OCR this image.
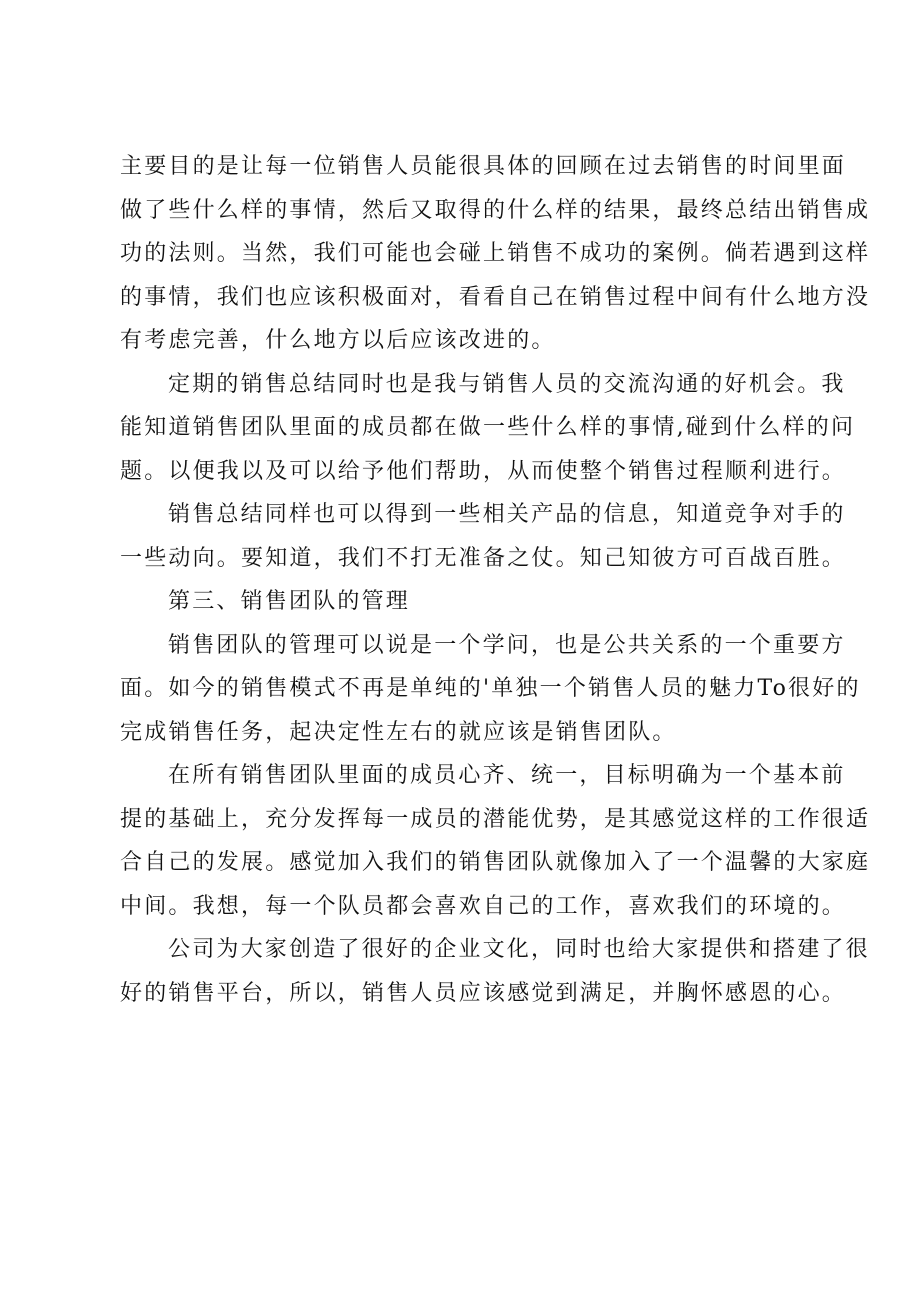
主要目的是让每一位销售人员能很具体的回顾在过去销售的时间里面
做了些什么样的事情，然后又取得的什么样的结果，最终总结出销售成
功的法则。当然，我们可能也会碰上销售不成功的案例。倘若遇到这样
的事情，我们也应该积极面对，看看自己在销售过程中间有什么地方没
有考虑完善，什么地方以后应该改进的。
定期的销售总结同时也是我与销售人员的交流沟通的好机会。我
能知道销售团队里面的成员都在做一些什么样的事情,碰到什么样的问
题。以便我以及可以给予他们帮助，从而使整个销售过程顺利进行。
销售总结同样也可以得到一些相关产品的信息，知道竞争对手的
一些动向。要知道，我们不打无准备之仗。知己知彼方可百战百胜。
第三、销售团队的管理
销售团队的管理可以说是一个学问，也是公共关系的一个重要方
面。如今的销售模式不再是单纯的'单独一个销售人员的魅力To很好的
完成销售任务，起决定性左右的就应该是销售团队。
在所有销售团队里面的成员心齐、统一，目标明确为一个基本前
提的基础上，充分发挥每一成员的潜能优势，是其感觉这样的工作很适
合自己的发展。感觉加入我们的销售团队就像加入了一个温馨的大家庭
中间。我想，每一个队员都会喜欢自己的工作，喜欢我们的环境的。
公司为大家创造了很好的企业文化，同时也给大家提供和搭建了很
好的销售平台，所以，销售人员应该感觉到满足，并胸怀感恩的心。
